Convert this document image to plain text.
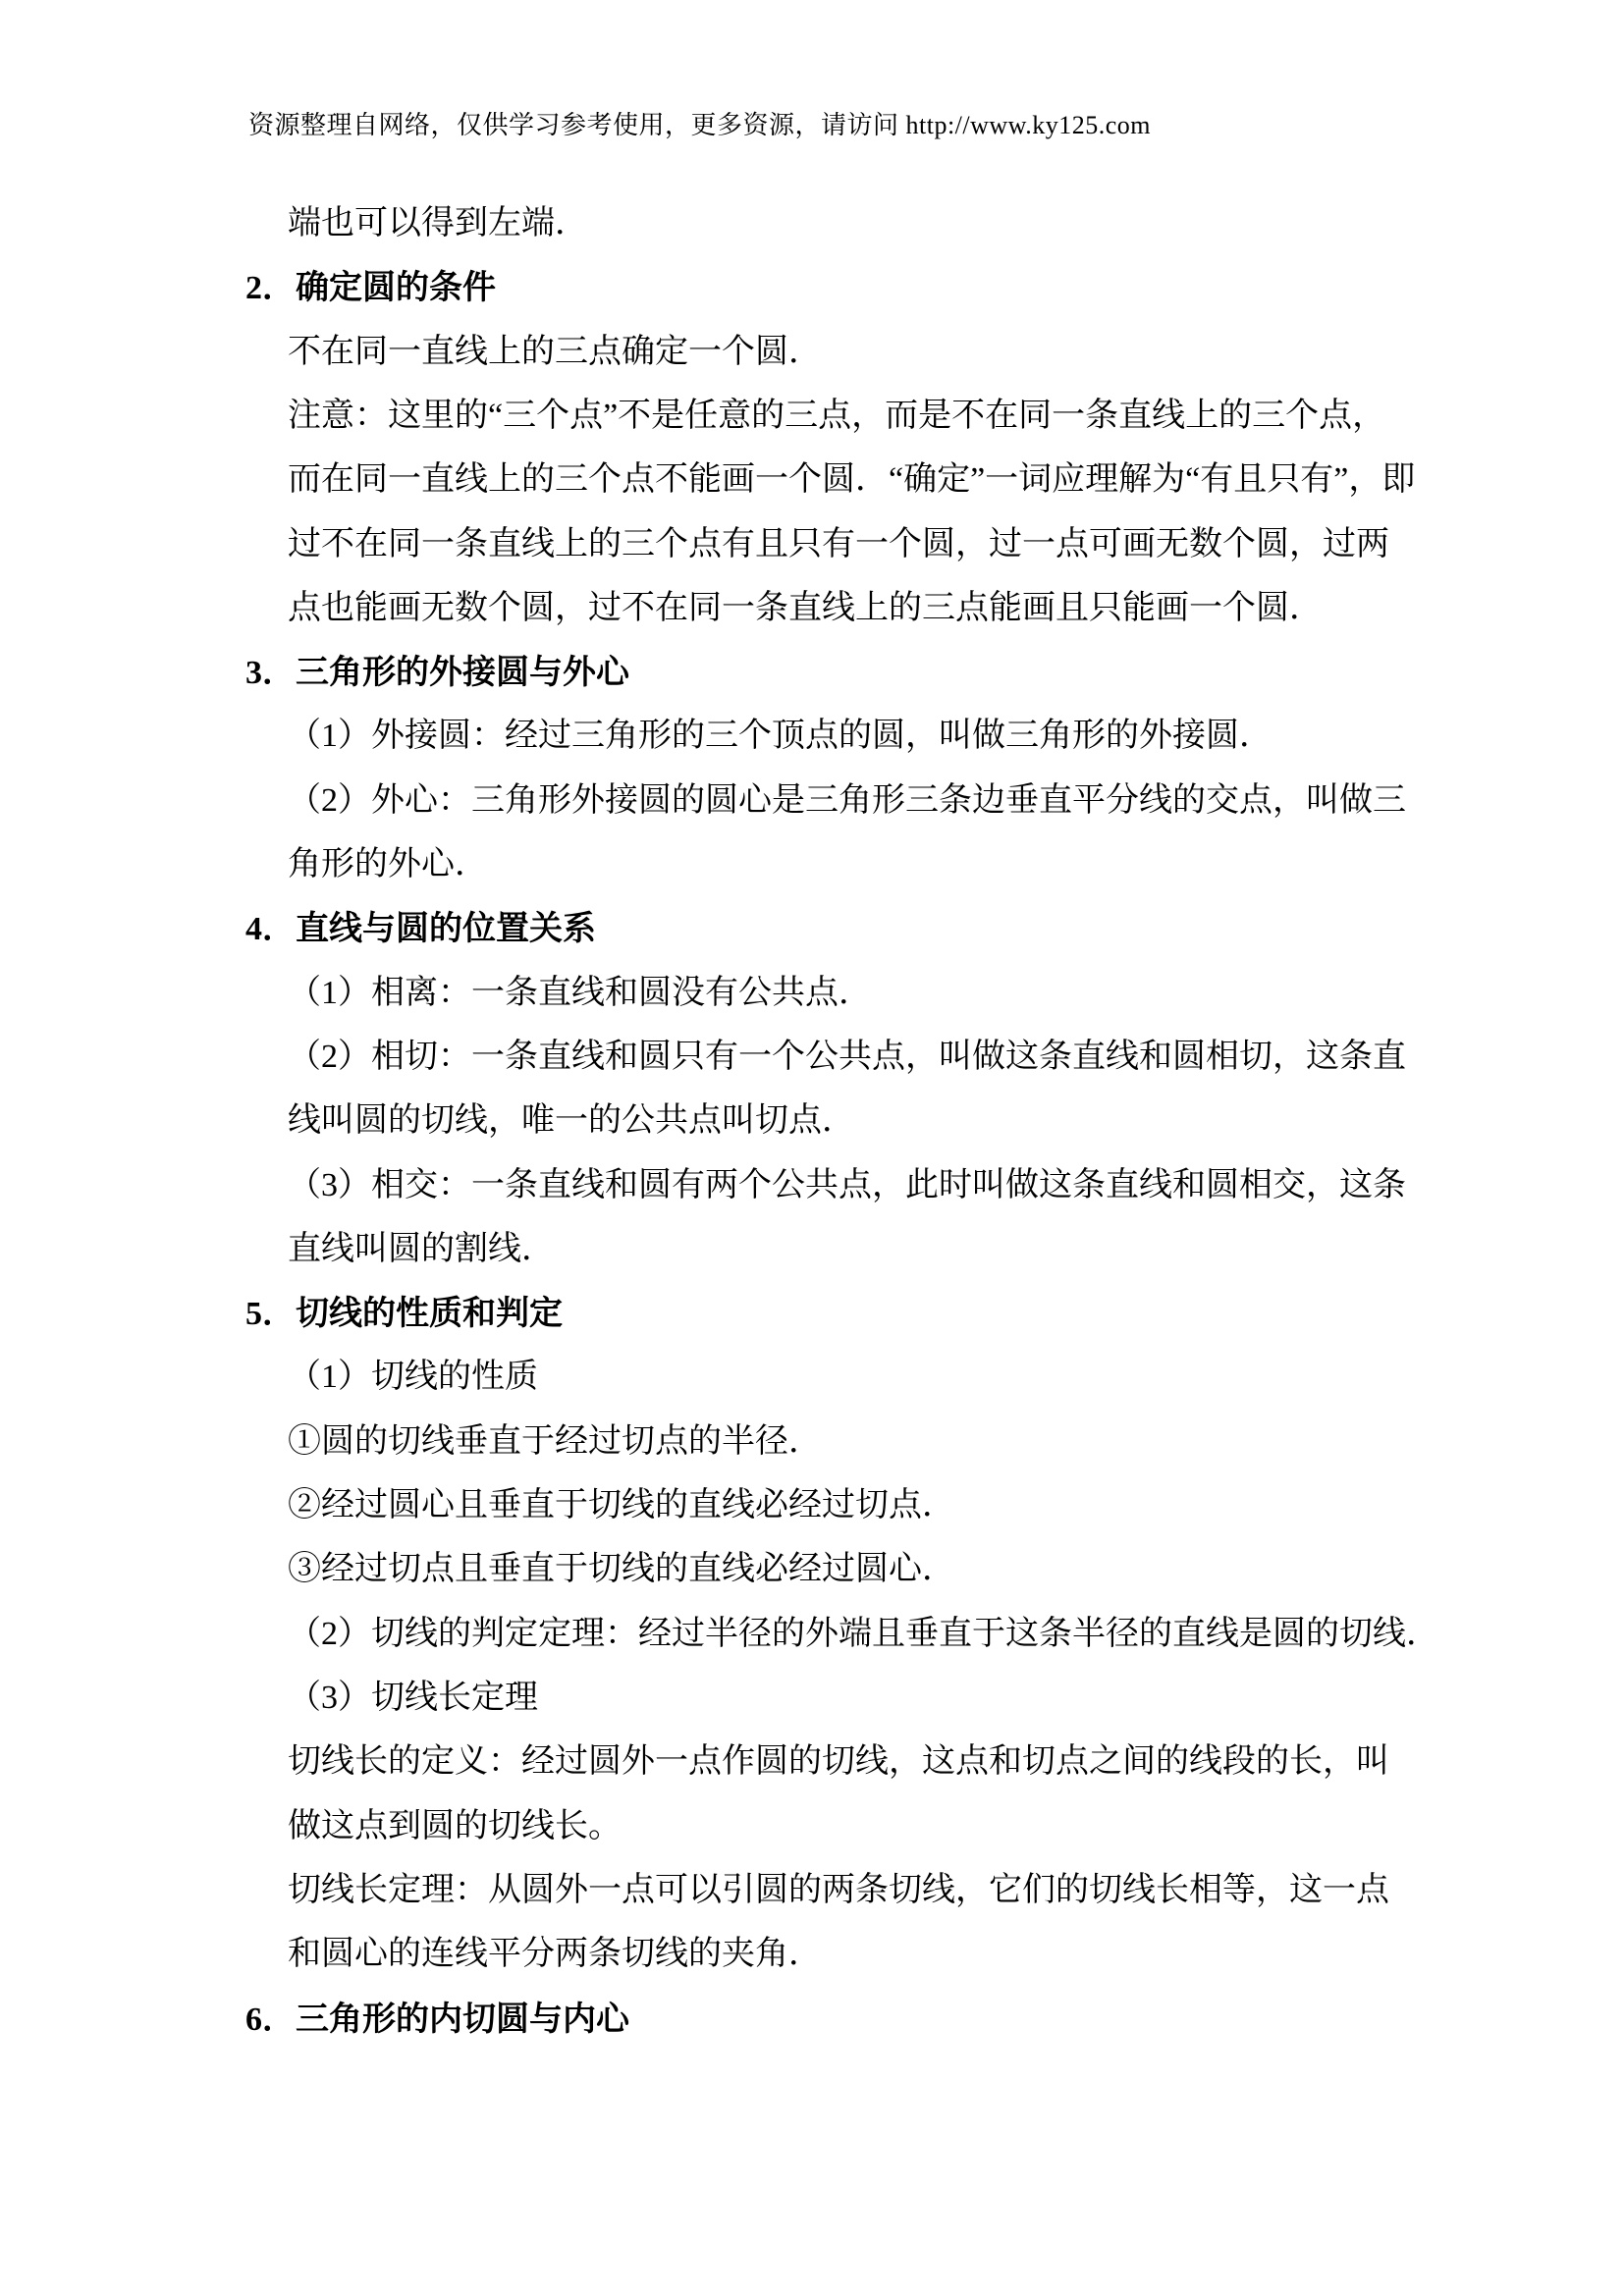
资源整理自网络，仅供学习参考使用，更多资源，请访问 http://www.ky125.com
端也可以得到左端．
2．确定圆的条件
不在同一直线上的三点确定一个圆．
注意：这里的“三个点”不是任意的三点，而是不在同一条直线上的三个点，
而在同一直线上的三个点不能画一个圆．“确定”一词应理解为“有且只有”，即
过不在同一条直线上的三个点有且只有一个圆，过一点可画无数个圆，过两
点也能画无数个圆，过不在同一条直线上的三点能画且只能画一个圆．
3．三角形的外接圆与外心
（1）外接圆：经过三角形的三个顶点的圆，叫做三角形的外接圆．
（2）外心：三角形外接圆的圆心是三角形三条边垂直平分线的交点，叫做三
角形的外心．
4．直线与圆的位置关系
（1）相离：一条直线和圆没有公共点．
（2）相切：一条直线和圆只有一个公共点，叫做这条直线和圆相切，这条直
线叫圆的切线，唯一的公共点叫切点．
（3）相交：一条直线和圆有两个公共点，此时叫做这条直线和圆相交，这条
直线叫圆的割线．
5．切线的性质和判定
（1）切线的性质
①圆的切线垂直于经过切点的半径．
②经过圆心且垂直于切线的直线必经过切点．
③经过切点且垂直于切线的直线必经过圆心．
（2）切线的判定定理：经过半径的外端且垂直于这条半径的直线是圆的切线．
（3）切线长定理
切线长的定义：经过圆外一点作圆的切线，这点和切点之间的线段的长，叫
做这点到圆的切线长。
切线长定理：从圆外一点可以引圆的两条切线，它们的切线长相等，这一点
和圆心的连线平分两条切线的夹角．
6．三角形的内切圆与内心
